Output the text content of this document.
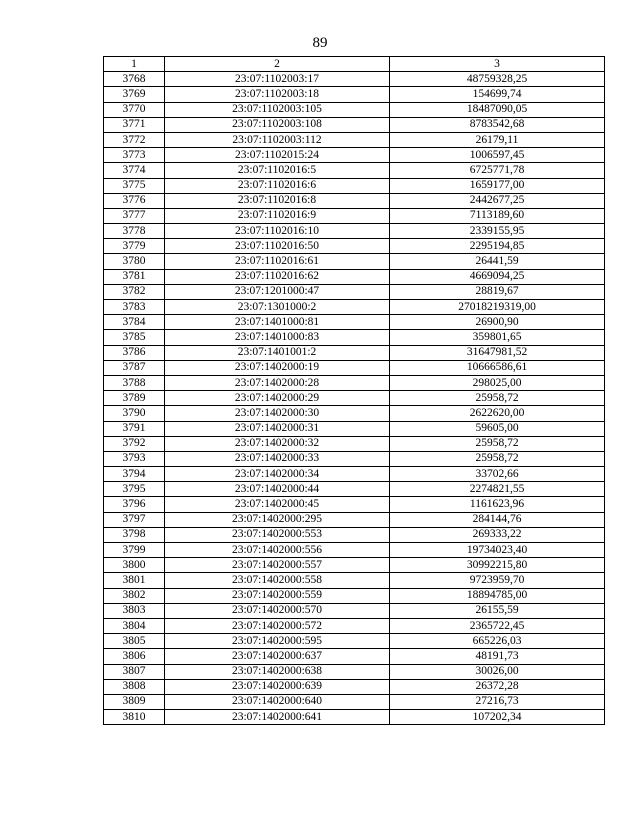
89
1	2	3
3768	23:07:1102003:17	48759328,25
3769	23:07:1102003:18	154699,74
3770	23:07:1102003:105	18487090,05
3771	23:07:1102003:108	8783542,68
3772	23:07:1102003:112	26179,11
3773	23:07:1102015:24	1006597,45
3774	23:07:1102016:5	6725771,78
3775	23:07:1102016:6	1659177,00
3776	23:07:1102016:8	2442677,25
3777	23:07:1102016:9	7113189,60
3778	23:07:1102016:10	2339155,95
3779	23:07:1102016:50	2295194,85
3780	23:07:1102016:61	26441,59
3781	23:07:1102016:62	4669094,25
3782	23:07:1201000:47	28819,67
3783	23:07:1301000:2	27018219319,00
3784	23:07:1401000:81	26900,90
3785	23:07:1401000:83	359801,65
3786	23:07:1401001:2	31647981,52
3787	23:07:1402000:19	10666586,61
3788	23:07:1402000:28	298025,00
3789	23:07:1402000:29	25958,72
3790	23:07:1402000:30	2622620,00
3791	23:07:1402000:31	59605,00
3792	23:07:1402000:32	25958,72
3793	23:07:1402000:33	25958,72
3794	23:07:1402000:34	33702,66
3795	23:07:1402000:44	2274821,55
3796	23:07:1402000:45	1161623,96
3797	23:07:1402000:295	284144,76
3798	23:07:1402000:553	269333,22
3799	23:07:1402000:556	19734023,40
3800	23:07:1402000:557	30992215,80
3801	23:07:1402000:558	9723959,70
3802	23:07:1402000:559	18894785,00
3803	23:07:1402000:570	26155,59
3804	23:07:1402000:572	2365722,45
3805	23:07:1402000:595	665226,03
3806	23:07:1402000:637	48191,73
3807	23:07:1402000:638	30026,00
3808	23:07:1402000:639	26372,28
3809	23:07:1402000:640	27216,73
3810	23:07:1402000:641	107202,34
